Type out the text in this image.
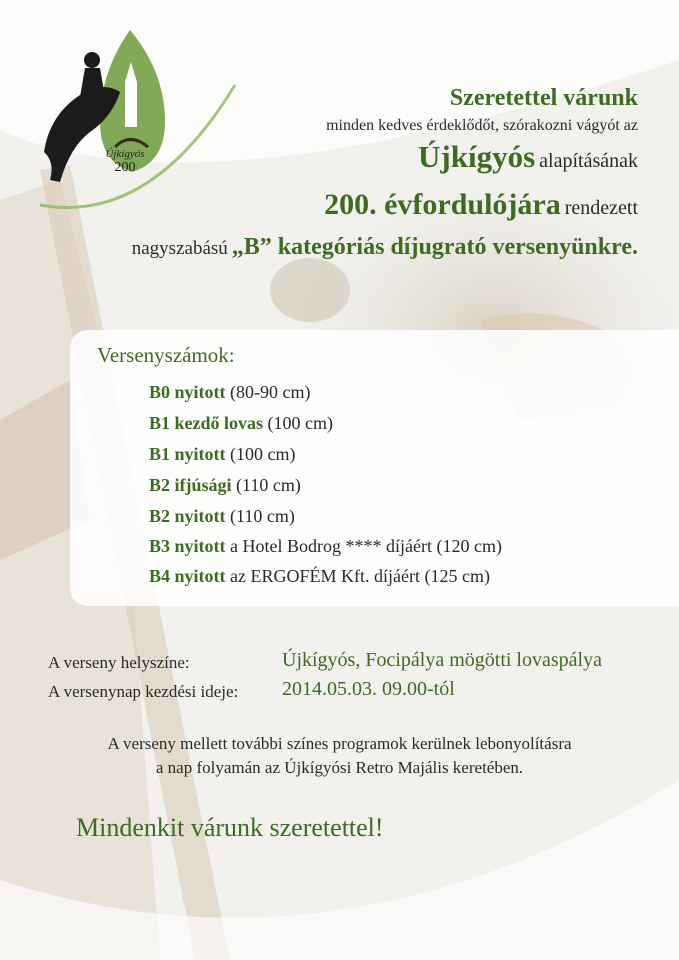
Újkígyós
200
Szeretettel várunk
minden kedves érdeklődőt, szórakozni vágyót az
Újkígyós alapításának
200. évfordulójára rendezett
nagyszabású „B” kategóriás díjugrató versenyünkre.
Versenyszámok:
B0 nyitott (80-90 cm)
B1 kezdő lovas (100 cm)
B1 nyitott (100 cm)
B2 ifjúsági (110 cm)
B2 nyitott (110 cm)
B3 nyitott a Hotel Bodrog **** díjáért (120 cm)
B4 nyitott az ERGOFÉM Kft. díjáért (125 cm)
A verseny helyszíne:	Újkígyós, Focipálya mögötti lovaspálya
A versenynap kezdési ideje: 2014.05.03. 09.00-tól
A verseny mellett további színes programok kerülnek lebonyolításra
a nap folyamán az Újkígyósi Retro Majális keretében.
Mindenkit várunk szeretettel!
